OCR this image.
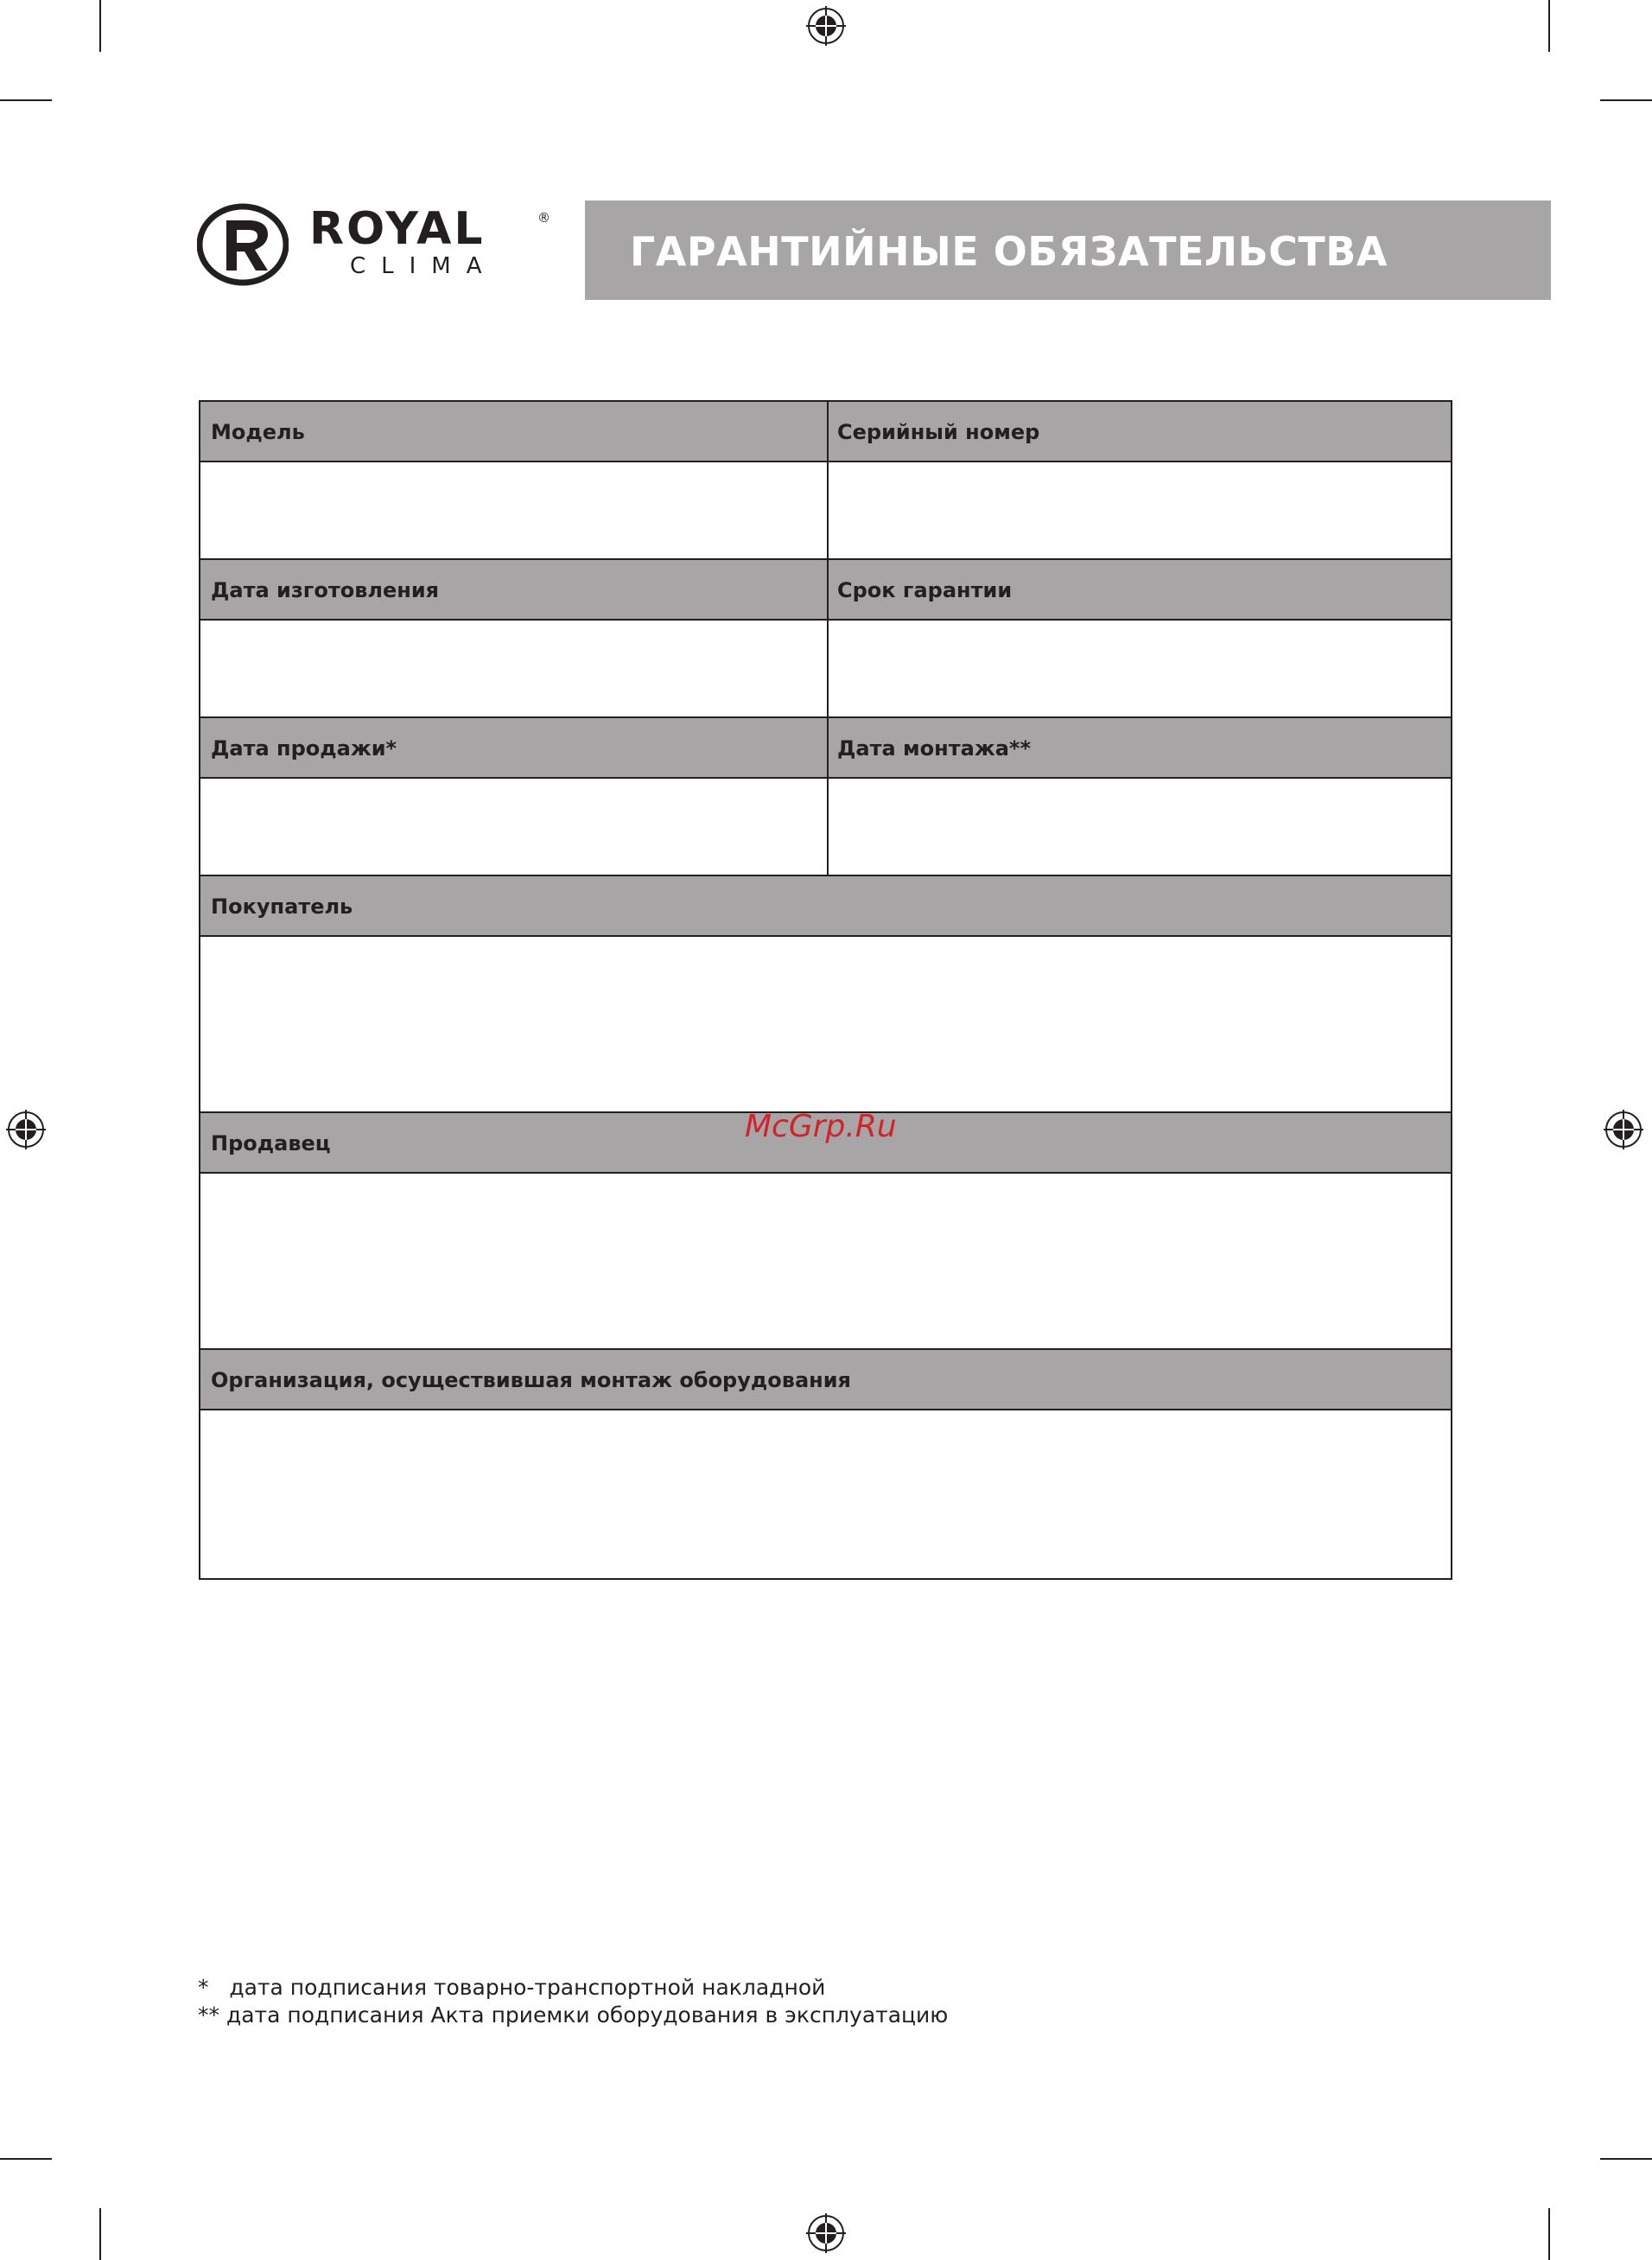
ROYAL
CLIMA
®
ГАРАНТИЙНЫЕ ОБЯЗАТЕЛЬСТВА
Модель	Серийный номер
Дата изготовления	Срок гарантии
Дата продажи*	Дата монтажа**
Покупатель
Продавец
Организация, осуществившая монтаж оборудования
McGrp.Ru
*   дата подписания товарно-транспортной накладной
** дата подписания Акта приемки оборудования в эксплуатацию
